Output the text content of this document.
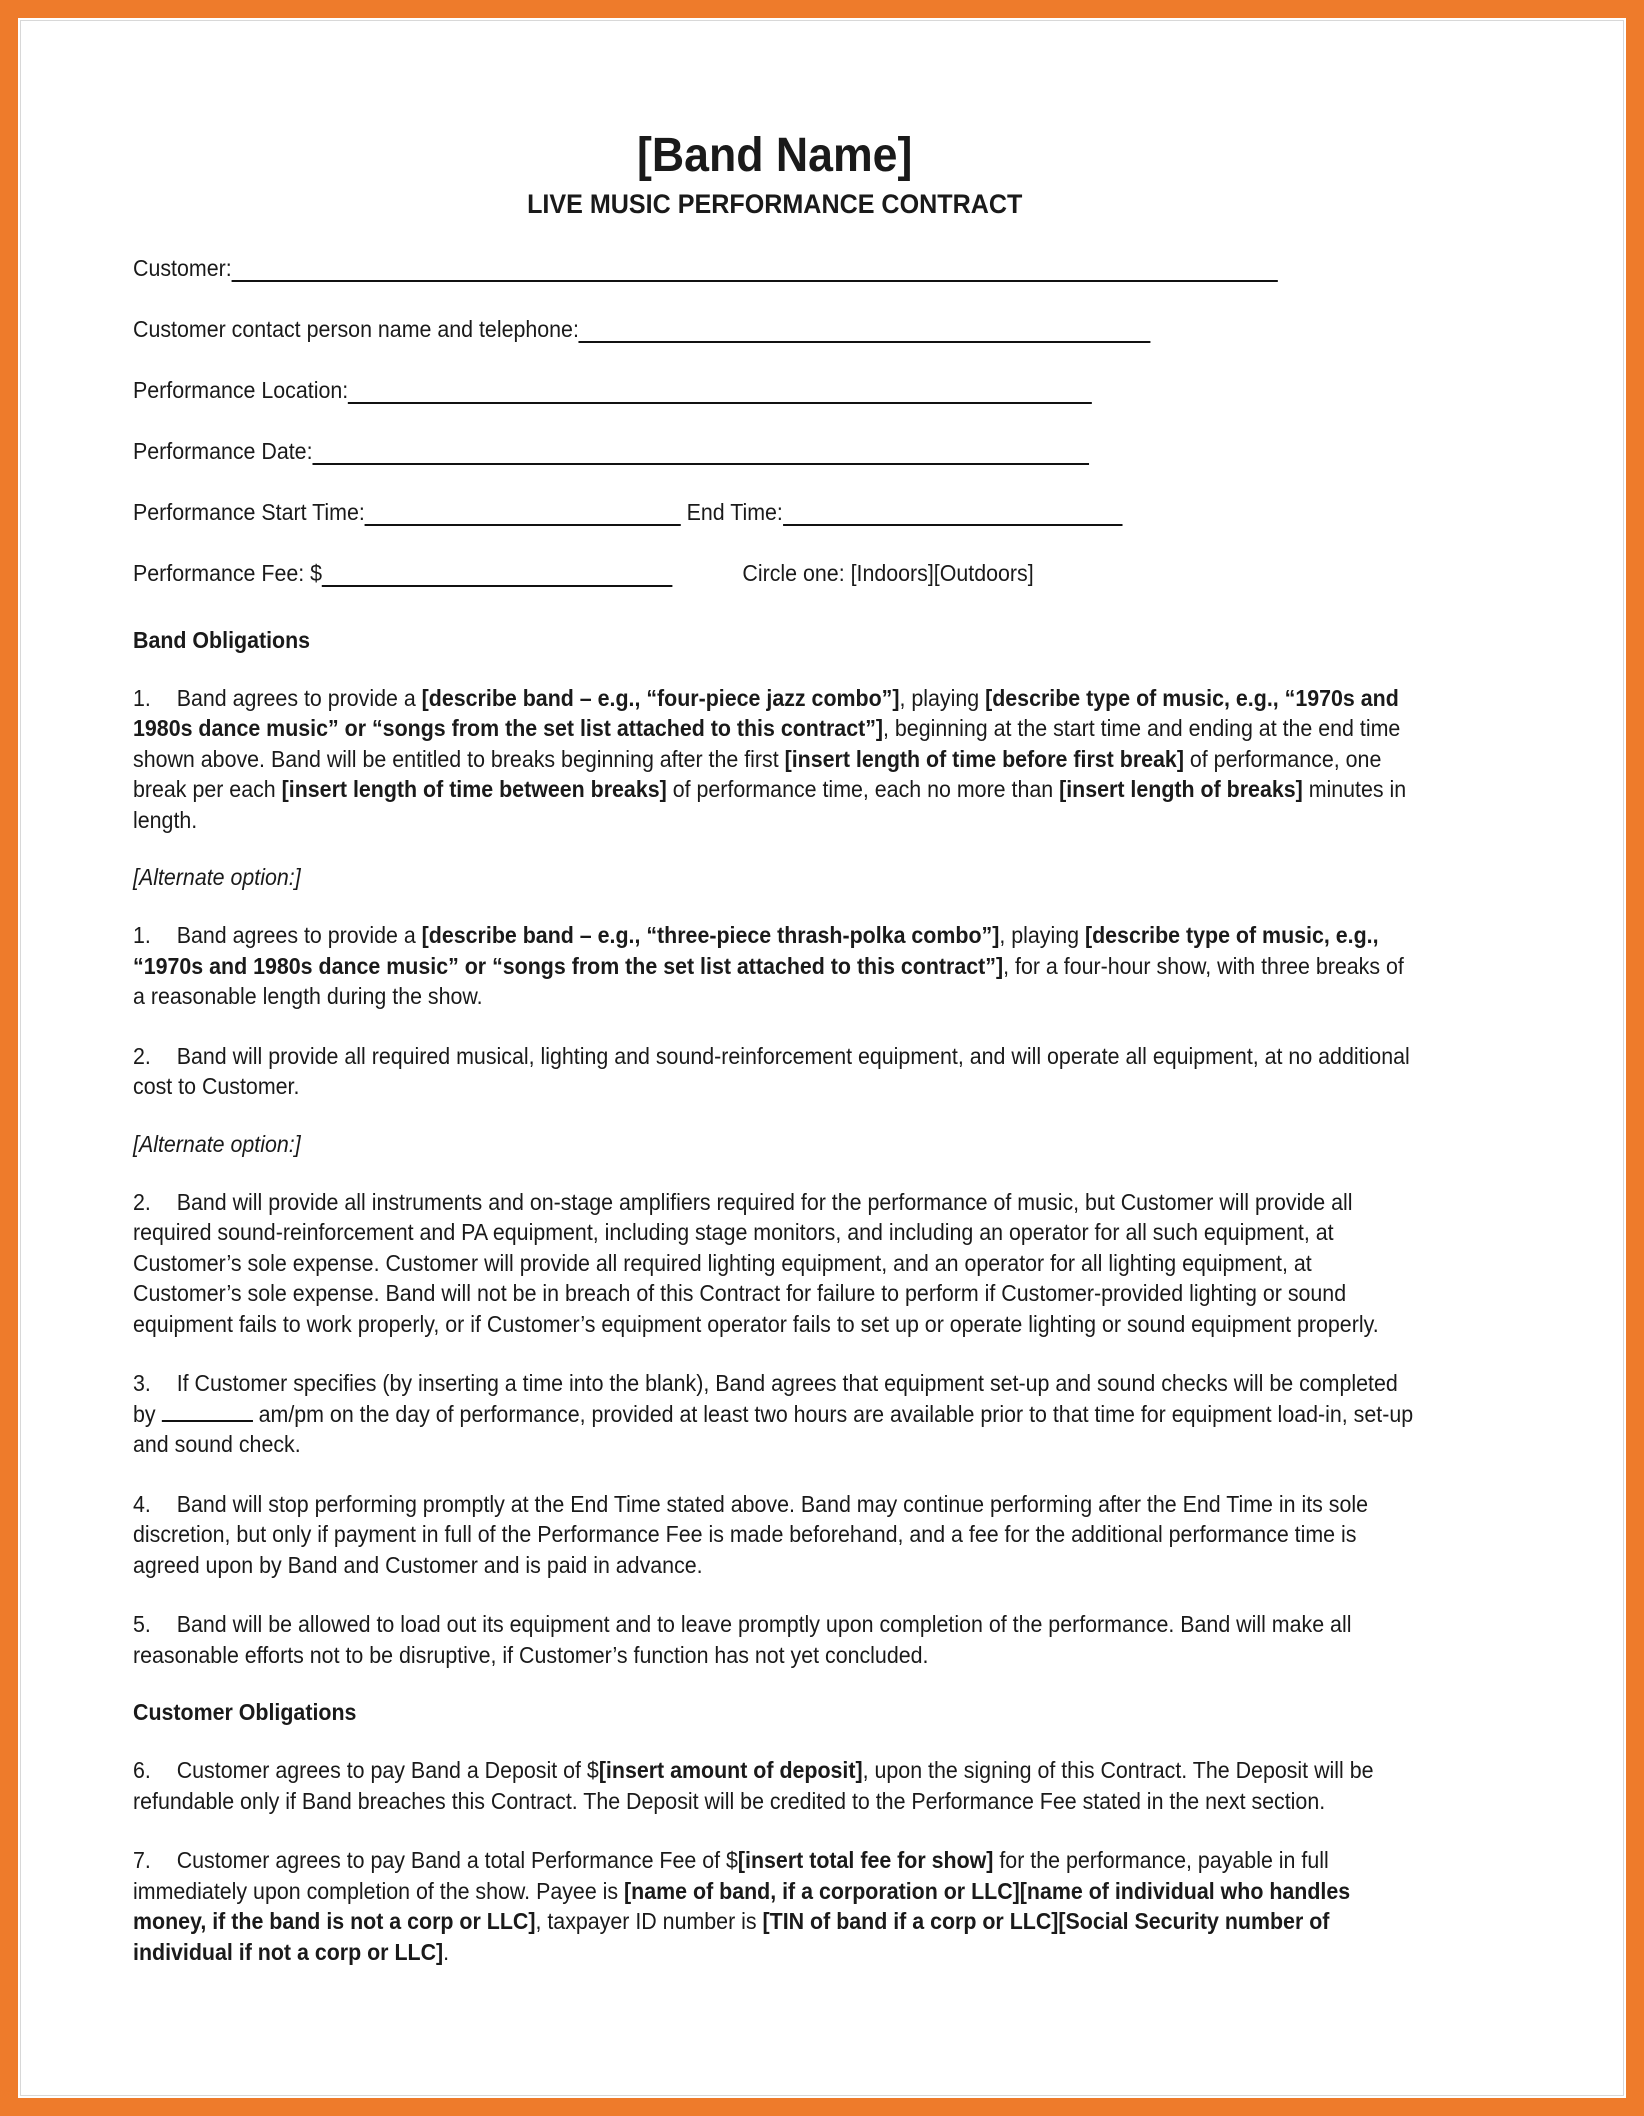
[Band Name]
LIVE MUSIC PERFORMANCE CONTRACT
Customer:
Customer contact person name and telephone:
Performance Location:
Performance Date:
Performance Start Time:	End Time:
Performance Fee: $	Circle one: [Indoors][Outdoors]
Band Obligations

1. Band agrees to provide a [describe band – e.g., “four-piece jazz combo”], playing [describe type of music, e.g., “1970s and 1980s dance music” or “songs from the set list attached to this contract”], beginning at the start time and ending at the end time shown above. Band will be entitled to breaks beginning after the first [insert length of time before first break] of performance, one break per each [insert length of time between breaks] of performance time, each no more than [insert length of breaks] minutes in length.

[Alternate option:]

1. Band agrees to provide a [describe band – e.g., “three-piece thrash-polka combo”], playing [describe type of music, e.g., “1970s and 1980s dance music” or “songs from the set list attached to this contract”], for a four-hour show, with three breaks of a reasonable length during the show.

2. Band will provide all required musical, lighting and sound-reinforcement equipment, and will operate all equipment, at no additional cost to Customer.

[Alternate option:]

2. Band will provide all instruments and on-stage amplifiers required for the performance of music, but Customer will provide all required sound-reinforcement and PA equipment, including stage monitors, and including an operator for all such equipment, at Customer’s sole expense. Customer will provide all required lighting equipment, and an operator for all lighting equipment, at Customer’s sole expense. Band will not be in breach of this Contract for failure to perform if Customer-provided lighting or sound equipment fails to work properly, or if Customer’s equipment operator fails to set up or operate lighting or sound equipment properly.

3. If Customer specifies (by inserting a time into the blank), Band agrees that equipment set-up and sound checks will be completed by	am/pm on the day of performance, provided at least two hours are available prior to that time for equipment load-in, set-up and sound check.

4. Band will stop performing promptly at the End Time stated above. Band may continue performing after the End Time in its sole discretion, but only if payment in full of the Performance Fee is made beforehand, and a fee for the additional performance time is agreed upon by Band and Customer and is paid in advance.

5. Band will be allowed to load out its equipment and to leave promptly upon completion of the performance. Band will make all reasonable efforts not to be disruptive, if Customer’s function has not yet concluded.

Customer Obligations

6. Customer agrees to pay Band a Deposit of $[insert amount of deposit], upon the signing of this Contract. The Deposit will be refundable only if Band breaches this Contract. The Deposit will be credited to the Performance Fee stated in the next section.

7. Customer agrees to pay Band a total Performance Fee of $[insert total fee for show] for the performance, payable in full immediately upon completion of the show. Payee is [name of band, if a corporation or LLC][name of individual who handles money, if the band is not a corp or LLC], taxpayer ID number is [TIN of band if a corp or LLC][Social Security number of individual if not a corp or LLC].
